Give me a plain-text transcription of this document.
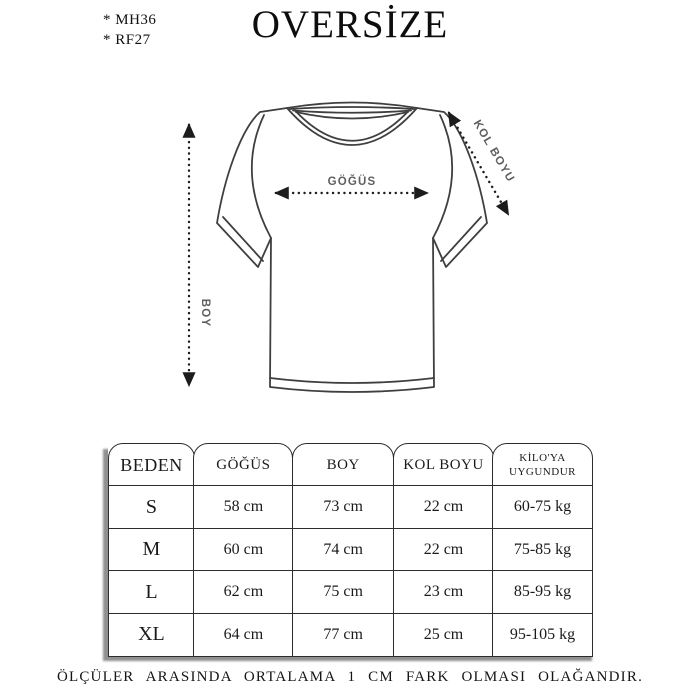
* MH36
* RF27	OVERSİZE
GÖĞÜS
BOY
KOL BOYU
BEDEN	GÖĞÜS	BOY	KOL BOYU	KİLO'YA UYGUNDUR
S	58 cm	73 cm	22 cm	60-75 kg
M	60 cm	74 cm	22 cm	75-85 kg
L	62 cm	75 cm	23 cm	85-95 kg
XL	64 cm	77 cm	25 cm	95-105 kg
ÖLÇÜLER ARASINDA ORTALAMA 1 CM FARK OLMASI OLAĞANDIR.
